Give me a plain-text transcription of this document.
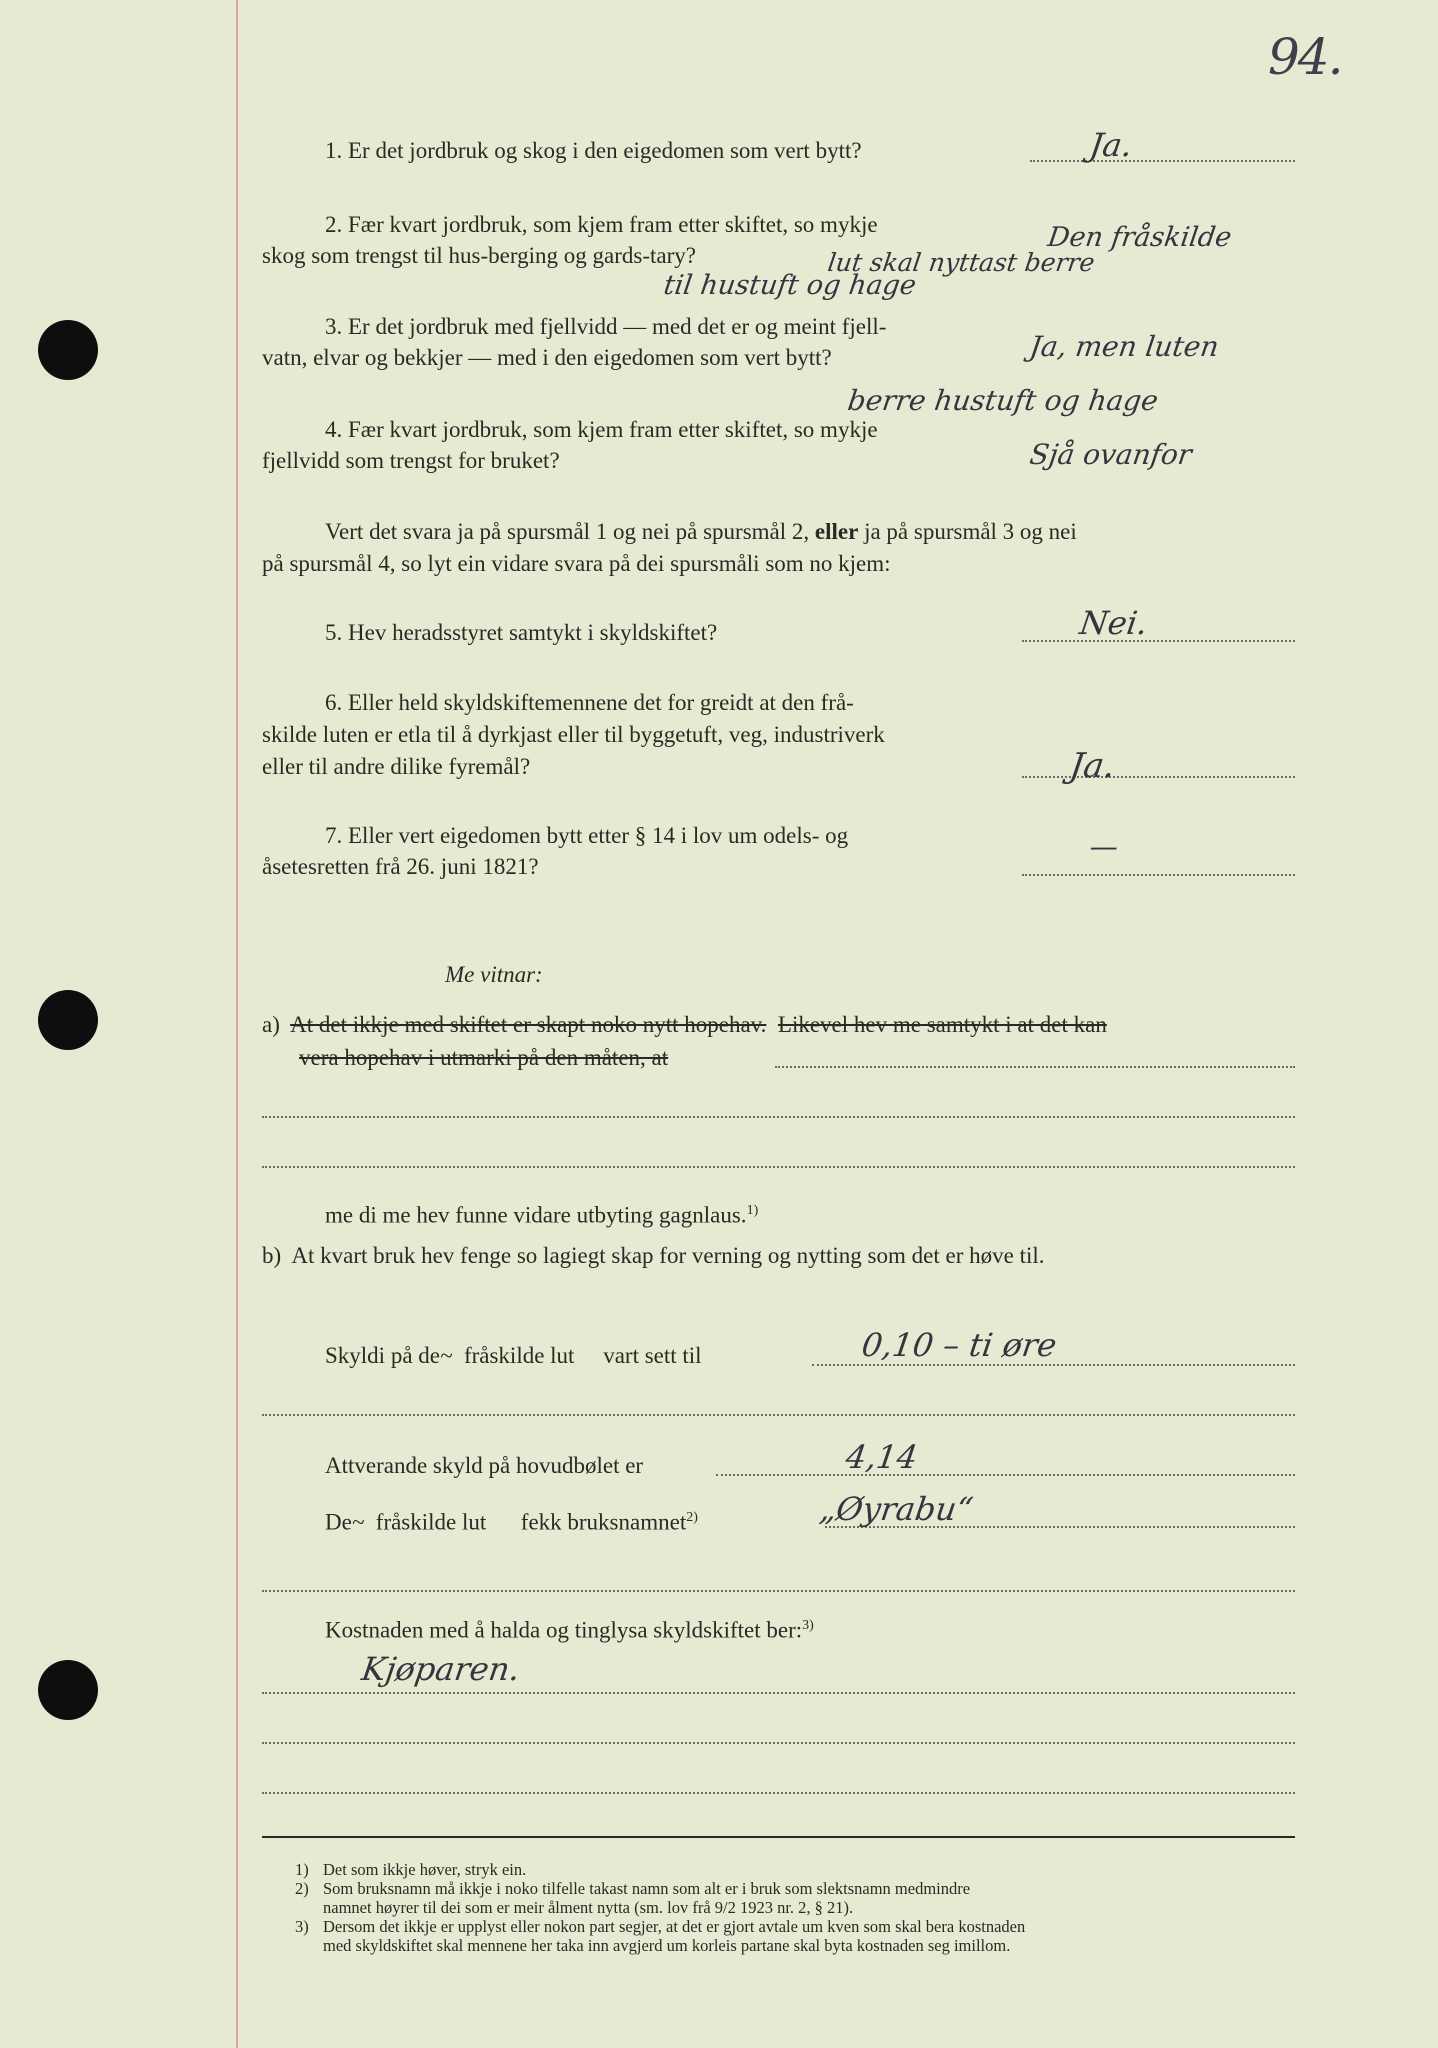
94.
1. Er det jordbruk og skog i den eigedomen som vert bytt?	Ja.
2. Fær kvart jordbruk, som kjem fram etter skiftet, so mykje
skog som trengst til hus-berging og gards-tary?
Den fråskilde
lut skal nyttast berre
til hustuft og hage
3. Er det jordbruk med fjellvidd — med det er og meint fjell-
vatn, elvar og bekkjer — med i den eigedomen som vert bytt?	Ja, men luten
berre hustuft og hage
4. Fær kvart jordbruk, som kjem fram etter skiftet, so mykje
fjellvidd som trengst for bruket?	Sjå ovanfor
Vert det svara ja på spursmål 1 og nei på spursmål 2, eller ja på spursmål 3 og nei
på spursmål 4, so lyt ein vidare svara på dei spursmåli som no kjem:
5. Hev heradsstyret samtykt i skyldskiftet?	Nei.
6. Eller held skyldskiftemennene det for greidt at den frå-
skilde luten er etla til å dyrkjast eller til byggetuft, veg, industriverk
eller til andre dilike fyremål?	Ja.
7. Eller vert eigedomen bytt etter § 14 i lov um odels- og
åsetesretten frå 26. juni 1821?
—
Me vitnar:
a) At det ikkje med skiftet er skapt noko nytt hopehav. Likevel hev me samtykt i at det kan
vera hopehav i utmarki på den måten, at
me di me hev funne vidare utbyting gagnlaus.$^{1)}$
b) At kvart bruk hev fenge so lagiegt skap for verning og nytting som det er høve til.
Skyldi på de~ fråskilde lut vart sett til	0,10 – ti øre
Attverande skyld på hovudbølet er	4,14
De~ fråskilde lut fekk bruksnamnet$^{2)}$	„Øyrabu“
Kostnaden med å halda og tinglysa skyldskiftet ber:$^{3)}$
Kjøparen.
1) Det som ikkje høver, stryk ein.
2) Som bruksnamn må ikkje i noko tilfelle takast namn som alt er i bruk som slektsnamn medmindre
namnet høyrer til dei som er meir ålment nytta (sm. lov frå 9/2 1923 nr. 2, § 21).
3) Dersom det ikkje er upplyst eller nokon part segjer, at det er gjort avtale um kven som skal bera kostnaden
med skyldskiftet skal mennene her taka inn avgjerd um korleis partane skal byta kostnaden seg imillom.
